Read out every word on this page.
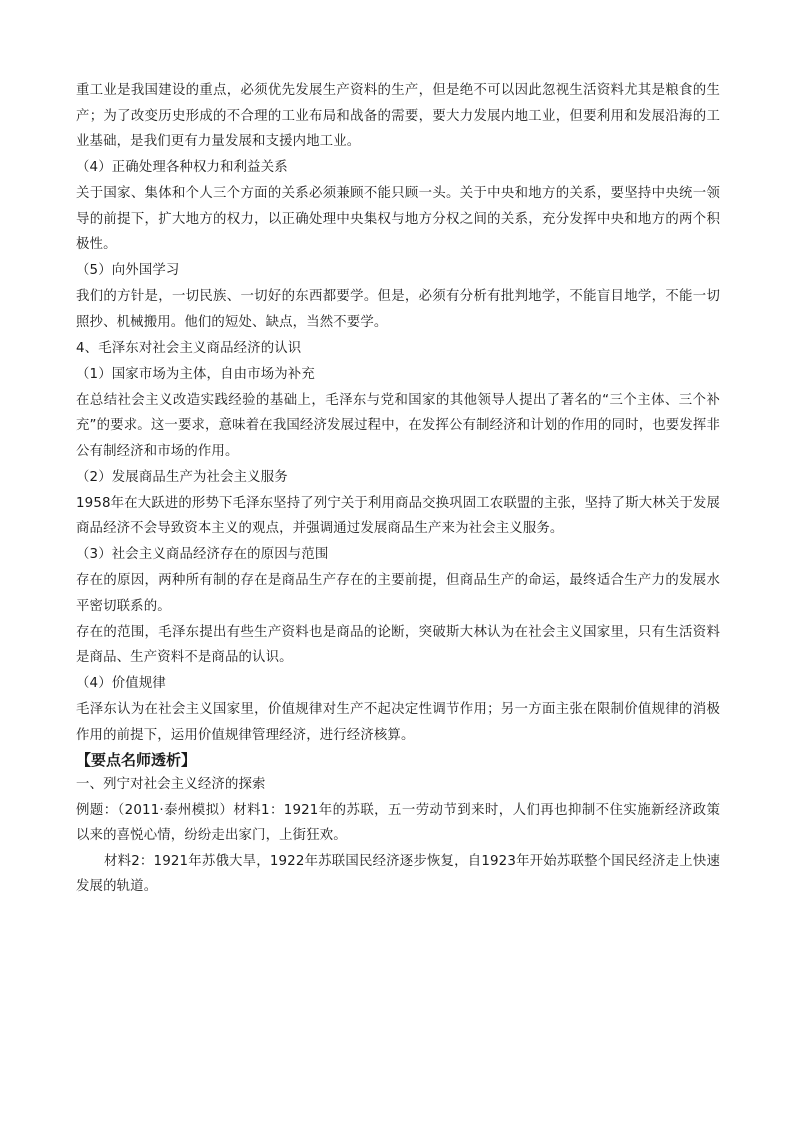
重工业是我国建设的重点，必须优先发展生产资料的生产，但是绝不可以因此忽视生活资料尤其是粮食的生产；为了改变历史形成的不合理的工业布局和战备的需要，要大力发展内地工业，但要利用和发展沿海的工业基础，是我们更有力量发展和支援内地工业。

（4）正确处理各种权力和利益关系

关于国家、集体和个人三个方面的关系必须兼顾不能只顾一头。关于中央和地方的关系，要坚持中央统一领导的前提下，扩大地方的权力，以正确处理中央集权与地方分权之间的关系，充分发挥中央和地方的两个积极性。

（5）向外国学习

我们的方针是，一切民族、一切好的东西都要学。但是，必须有分析有批判地学，不能盲目地学，不能一切照抄、机械搬用。他们的短处、缺点，当然不要学。

4、毛泽东对社会主义商品经济的认识

（1）国家市场为主体，自由市场为补充

在总结社会主义改造实践经验的基础上，毛泽东与党和国家的其他领导人提出了著名的“三个主体、三个补充”的要求。这一要求，意味着在我国经济发展过程中，在发挥公有制经济和计划的作用的同时，也要发挥非公有制经济和市场的作用。

（2）发展商品生产为社会主义服务

1958年在大跃进的形势下毛泽东坚持了列宁关于利用商品交换巩固工农联盟的主张，坚持了斯大林关于发展商品经济不会导致资本主义的观点，并强调通过发展商品生产来为社会主义服务。

（3）社会主义商品经济存在的原因与范围

存在的原因，两种所有制的存在是商品生产存在的主要前提，但商品生产的命运，最终适合生产力的发展水平密切联系的。

存在的范围，毛泽东提出有些生产资料也是商品的论断，突破斯大林认为在社会主义国家里，只有生活资料是商品、生产资料不是商品的认识。

（4）价值规律

毛泽东认为在社会主义国家里，价值规律对生产不起决定性调节作用；另一方面主张在限制价值规律的消极作用的前提下，运用价值规律管理经济，进行经济核算。

【要点名师透析】

一、列宁对社会主义经济的探索

例题：（2011·泰州模拟）材料1：1921年的苏联，五一劳动节到来时，人们再也抑制不住实施新经济政策以来的喜悦心情，纷纷走出家门，上街狂欢。

材料2：1921年苏俄大旱，1922年苏联国民经济逐步恢复，自1923年开始苏联整个国民经济走上快速发展的轨道。
